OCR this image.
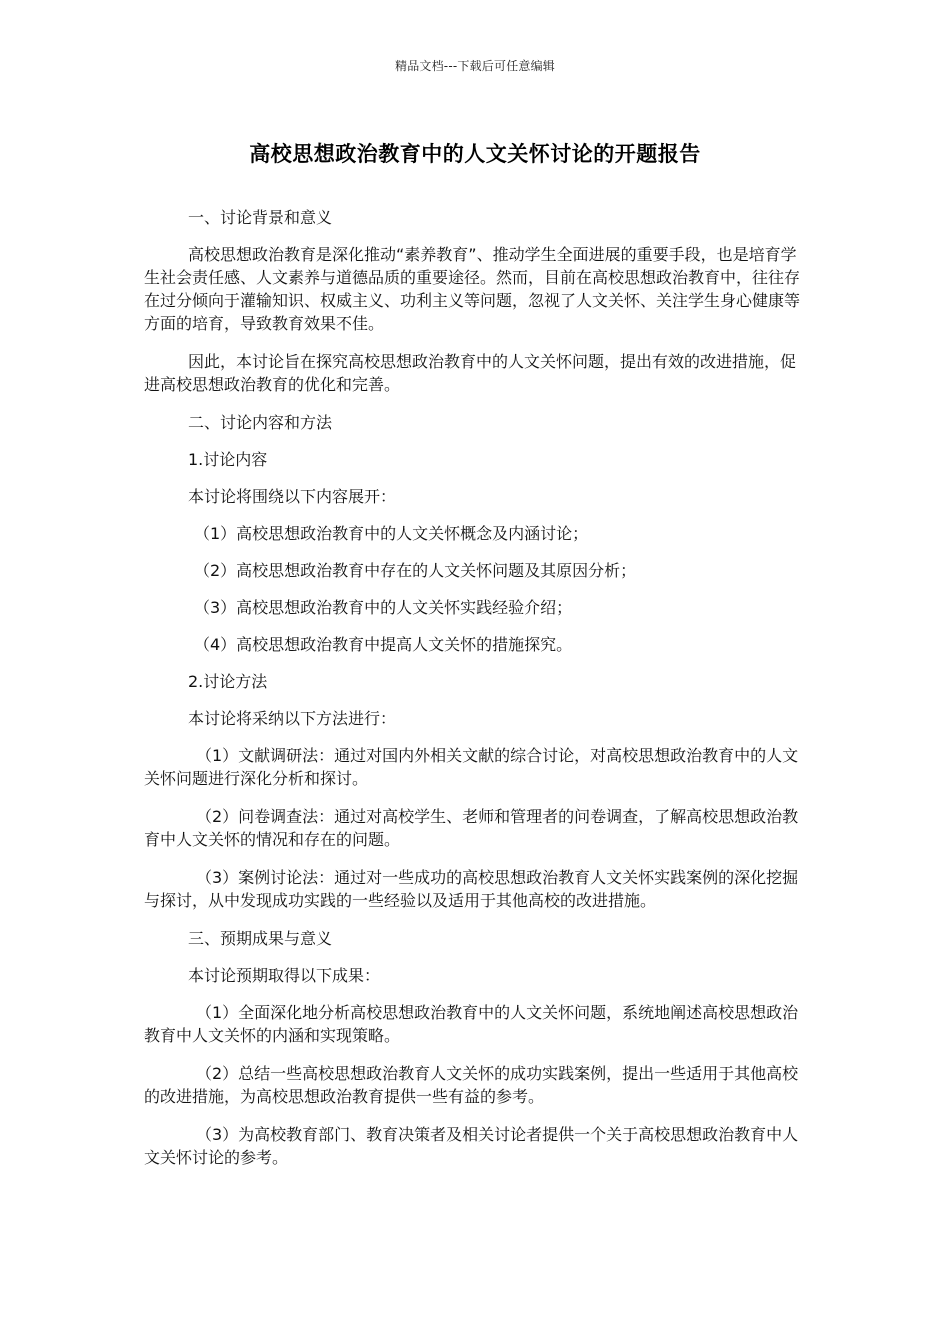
精品文档---下载后可任意编辑
高校思想政治教育中的人文关怀讨论的开题报告

一、讨论背景和意义

高校思想政治教育是深化推动“素养教育”、推动学生全面进展的重要手段，也是培育学生社会责任感、人文素养与道德品质的重要途径。然而，目前在高校思想政治教育中，往往存在过分倾向于灌输知识、权威主义、功利主义等问题，忽视了人文关怀、关注学生身心健康等方面的培育，导致教育效果不佳。

因此，本讨论旨在探究高校思想政治教育中的人文关怀问题，提出有效的改进措施，促进高校思想政治教育的优化和完善。

二、讨论内容和方法

1.讨论内容

本讨论将围绕以下内容展开：

（1）高校思想政治教育中的人文关怀概念及内涵讨论；

（2）高校思想政治教育中存在的人文关怀问题及其原因分析；

（3）高校思想政治教育中的人文关怀实践经验介绍；

（4）高校思想政治教育中提高人文关怀的措施探究。

2.讨论方法

本讨论将采纳以下方法进行：

（1）文献调研法：通过对国内外相关文献的综合讨论，对高校思想政治教育中的人文关怀问题进行深化分析和探讨。

（2）问卷调查法：通过对高校学生、老师和管理者的问卷调查，了解高校思想政治教育中人文关怀的情况和存在的问题。

（3）案例讨论法：通过对一些成功的高校思想政治教育人文关怀实践案例的深化挖掘与探讨，从中发现成功实践的一些经验以及适用于其他高校的改进措施。

三、预期成果与意义

本讨论预期取得以下成果：

（1）全面深化地分析高校思想政治教育中的人文关怀问题，系统地阐述高校思想政治教育中人文关怀的内涵和实现策略。

（2）总结一些高校思想政治教育人文关怀的成功实践案例，提出一些适用于其他高校的改进措施，为高校思想政治教育提供一些有益的参考。

（3）为高校教育部门、教育决策者及相关讨论者提供一个关于高校思想政治教育中人文关怀讨论的参考。
